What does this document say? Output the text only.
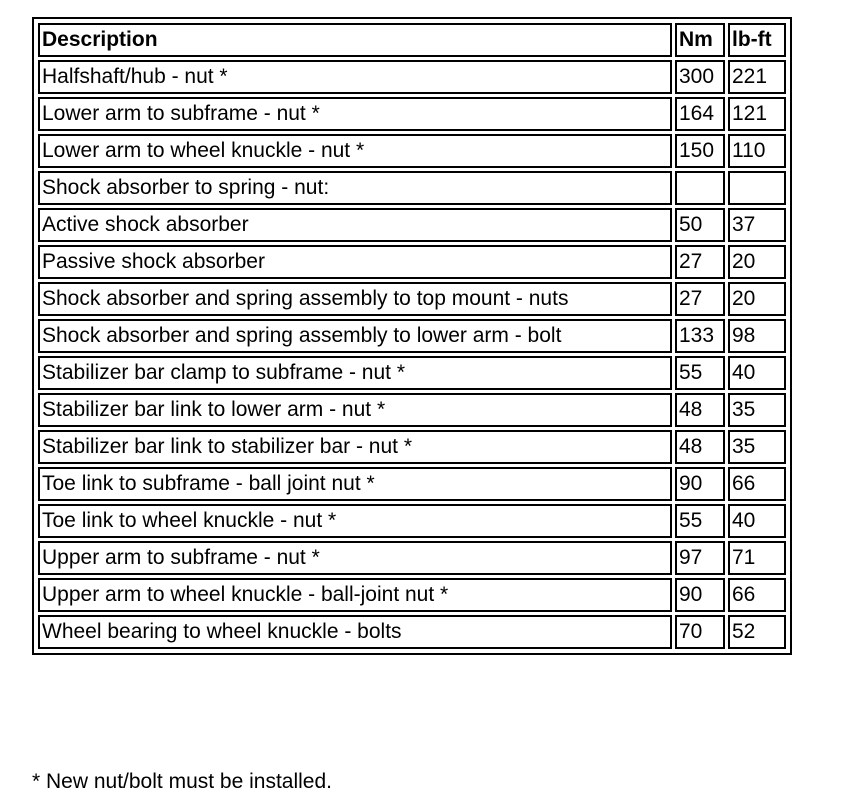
Description	Nm	lb-ft
Halfshaft/hub - nut *	300	221
Lower arm to subframe - nut *	164	121
Lower arm to wheel knuckle - nut *	150	110
Shock absorber to spring - nut:		
Active shock absorber	50	37
Passive shock absorber	27	20
Shock absorber and spring assembly to top mount - nuts	27	20
Shock absorber and spring assembly to lower arm - bolt	133	98
Stabilizer bar clamp to subframe - nut *	55	40
Stabilizer bar link to lower arm - nut *	48	35
Stabilizer bar link to stabilizer bar - nut *	48	35
Toe link to subframe - ball joint nut *	90	66
Toe link to wheel knuckle - nut *	55	40
Upper arm to subframe - nut *	97	71
Upper arm to wheel knuckle - ball-joint nut *	90	66
Wheel bearing to wheel knuckle - bolts	70	52
* New nut/bolt must be installed.
